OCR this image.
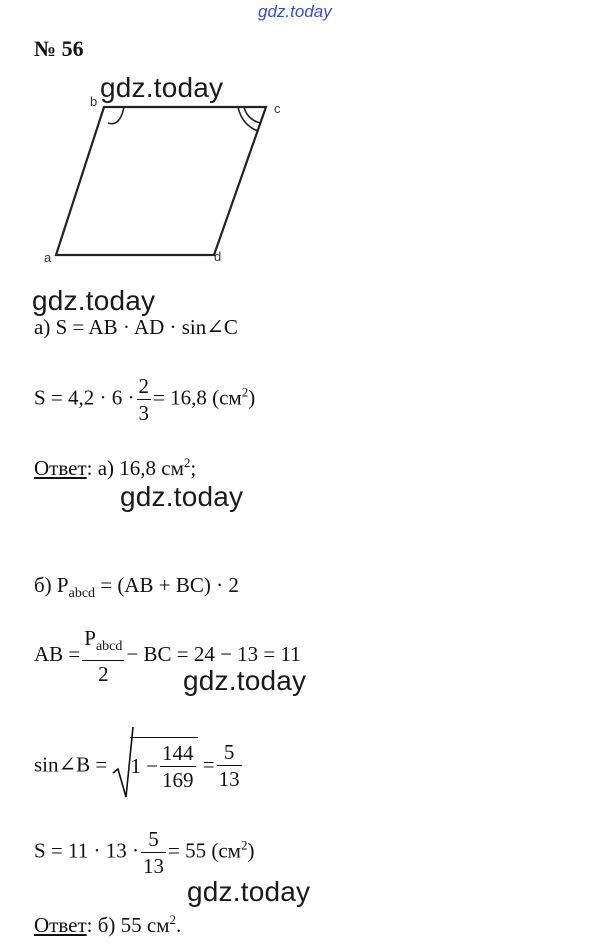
gdz.today
№ 56
b	c
a	d
gdz.today
gdz.today
gdz.today
gdz.today
gdz.today
а) S = AB · AD · sin∠C
$S = 4,2 \cdot 6 \cdot \frac{2}{3} = 16,8$ $(см^2)$
Ответ: а) 16,8 $см^2$;
б) $P_{abcd} = (AB + BC) \cdot 2$
AB = $\frac{P_{abcd}}{2}$ − BC = 24 − 13 = 11
sin∠B = $1 - \frac{144}{169} = \frac{5}{13}$
$S = 11 \cdot 13 \cdot \frac{5}{13} = 55$ $(см^2)$
Ответ: б) 55 $см^2$.
